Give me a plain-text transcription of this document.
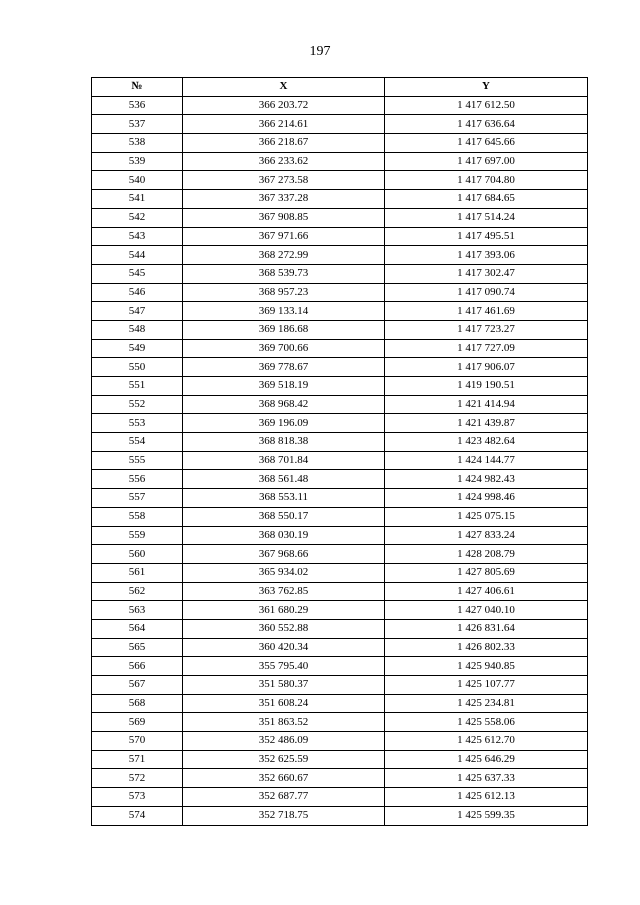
197
№	X	Y
536	366 203.72	1 417 612.50
537	366 214.61	1 417 636.64
538	366 218.67	1 417 645.66
539	366 233.62	1 417 697.00
540	367 273.58	1 417 704.80
541	367 337.28	1 417 684.65
542	367 908.85	1 417 514.24
543	367 971.66	1 417 495.51
544	368 272.99	1 417 393.06
545	368 539.73	1 417 302.47
546	368 957.23	1 417 090.74
547	369 133.14	1 417 461.69
548	369 186.68	1 417 723.27
549	369 700.66	1 417 727.09
550	369 778.67	1 417 906.07
551	369 518.19	1 419 190.51
552	368 968.42	1 421 414.94
553	369 196.09	1 421 439.87
554	368 818.38	1 423 482.64
555	368 701.84	1 424 144.77
556	368 561.48	1 424 982.43
557	368 553.11	1 424 998.46
558	368 550.17	1 425 075.15
559	368 030.19	1 427 833.24
560	367 968.66	1 428 208.79
561	365 934.02	1 427 805.69
562	363 762.85	1 427 406.61
563	361 680.29	1 427 040.10
564	360 552.88	1 426 831.64
565	360 420.34	1 426 802.33
566	355 795.40	1 425 940.85
567	351 580.37	1 425 107.77
568	351 608.24	1 425 234.81
569	351 863.52	1 425 558.06
570	352 486.09	1 425 612.70
571	352 625.59	1 425 646.29
572	352 660.67	1 425 637.33
573	352 687.77	1 425 612.13
574	352 718.75	1 425 599.35
